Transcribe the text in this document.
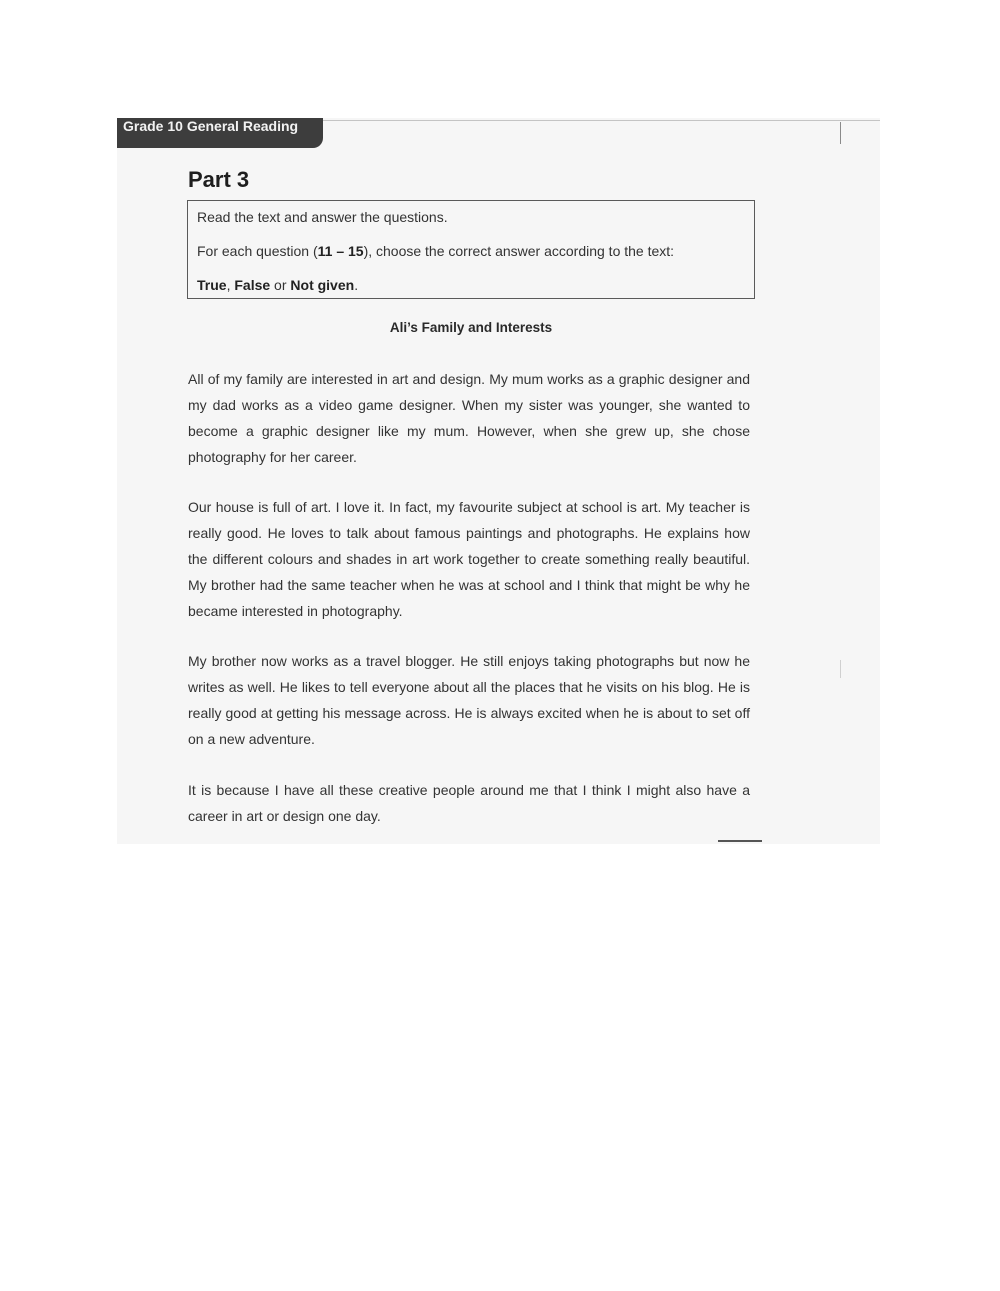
Grade 10 General Reading
Part 3
Read the text and answer the questions.
For each question (11 – 15), choose the correct answer according to the text:
True, False or Not given.
Ali’s Family and Interests

All of my family are interested in art and design. My mum works as a graphic designer and my dad works as a video game designer. When my sister was younger, she wanted to become a graphic designer like my mum. However, when she grew up, she chose photography for her career.

Our house is full of art. I love it. In fact, my favourite subject at school is art. My teacher is really good. He loves to talk about famous paintings and photographs. He explains how the different colours and shades in art work together to create something really beautiful. My brother had the same teacher when he was at school and I think that might be why he became interested in photography.

My brother now works as a travel blogger. He still enjoys taking photographs but now he writes as well. He likes to tell everyone about all the places that he visits on his blog. He is really good at getting his message across. He is always excited when he is about to set off on a new adventure.

It is because I have all these creative people around me that I think I might also have a career in art or design one day.
